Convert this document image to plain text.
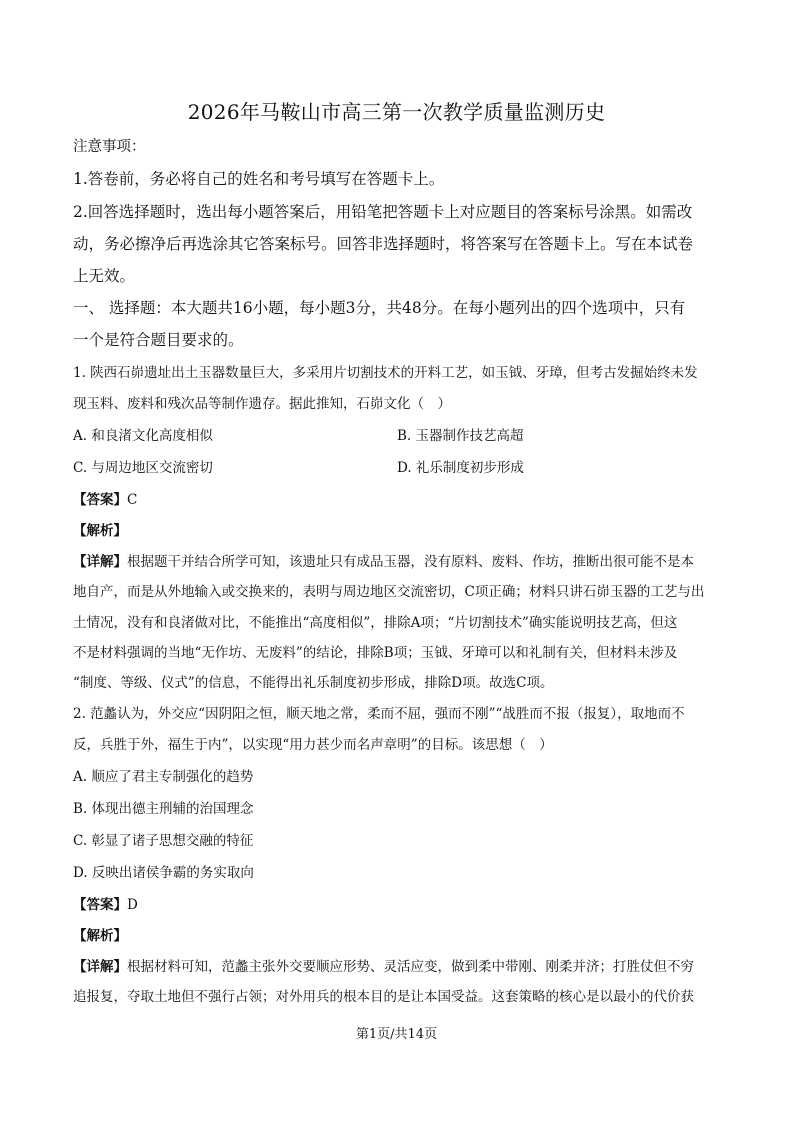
2026年马鞍山市高三第一次教学质量监测历史
注意事项：
1.答卷前，务必将自己的姓名和考号填写在答题卡上。
2.回答选择题时，选出每小题答案后，用铅笔把答题卡上对应题目的答案标号涂黑。如需改
动，务必擦净后再选涂其它答案标号。回答非选择题时，将答案写在答题卡上。写在本试卷
上无效。
一、 选择题：本大题共16小题，每小题3分，共48分。在每小题列出的四个选项中，只有
一个是符合题目要求的。
1. 陕西石峁遗址出土玉器数量巨大，多采用片切割技术的开料工艺，如玉钺、牙璋，但考古发掘始终未发
现玉料、废料和残次品等制作遗存。据此推知，石峁文化（　）
A. 和良渚文化高度相似	B. 玉器制作技艺高超
C. 与周边地区交流密切	D. 礼乐制度初步形成
【答案】C
【解析】
【详解】根据题干并结合所学可知，该遗址只有成品玉器，没有原料、废料、作坊，推断出很可能不是本
地自产，而是从外地输入或交换来的，表明与周边地区交流密切，C项正确；材料只讲石峁玉器的工艺与出
土情况，没有和良渚做对比，不能推出“高度相似”，排除A项；“片切割技术”确实能说明技艺高，但这
不是材料强调的当地“无作坊、无废料”的结论，排除B项；玉钺、牙璋可以和礼制有关，但材料未涉及
“制度、等级、仪式”的信息，不能得出礼乐制度初步形成，排除D项。故选C项。
2. 范蠡认为，外交应“因阴阳之恒，顺天地之常，柔而不屈，强而不刚”“战胜而不报（报复），取地而不
反，兵胜于外，福生于内”，以实现“用力甚少而名声章明”的目标。该思想（　）
A. 顺应了君主专制强化的趋势
B. 体现出德主刑辅的治国理念
C. 彰显了诸子思想交融的特征
D. 反映出诸侯争霸的务实取向
【答案】D
【解析】
【详解】根据材料可知，范蠡主张外交要顺应形势、灵活应变，做到柔中带刚、刚柔并济；打胜仗但不穷
追报复，夺取土地但不强行占领；对外用兵的根本目的是让本国受益。这套策略的核心是以最小的代价获
第1页/共14页
